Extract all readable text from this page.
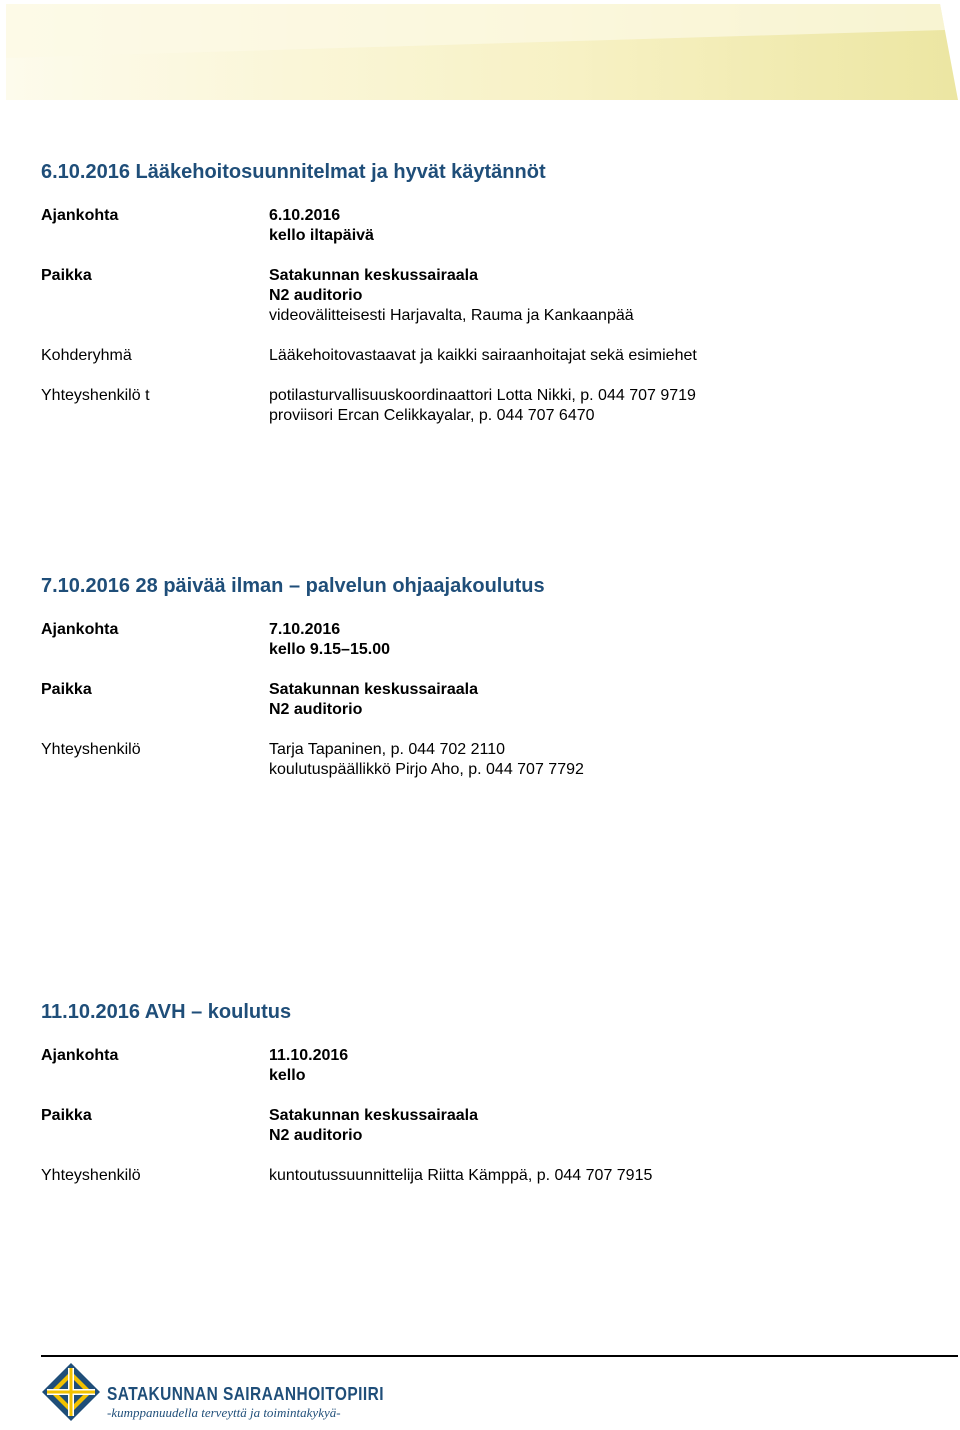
6.10.2016 Lääkehoitosuunnitelmat ja hyvät käytännöt
Ajankohta	6.10.2016
kello iltapäivä
Paikka	Satakunnan keskussairaala
N2 auditorio
videovälitteisesti Harjavalta, Rauma ja Kankaanpää
Kohderyhmä	Lääkehoitovastaavat ja kaikki sairaanhoitajat sekä esimiehet
Yhteyshenkilö t	potilasturvallisuuskoordinaattori Lotta Nikki, p. 044 707 9719
proviisori Ercan Celikkayalar, p. 044 707 6470
7.10.2016 28 päivää ilman – palvelun ohjaajakoulutus
Ajankohta	7.10.2016
kello 9.15–15.00
Paikka	Satakunnan keskussairaala
N2 auditorio
Yhteyshenkilö	Tarja Tapaninen, p. 044 702 2110
koulutuspäällikkö Pirjo Aho, p. 044 707 7792
11.10.2016 AVH – koulutus
Ajankohta	11.10.2016
kello
Paikka	Satakunnan keskussairaala
N2 auditorio
Yhteyshenkilö	kuntoutussuunnittelija Riitta Kämppä, p. 044 707 7915
SATAKUNNAN SAIRAANHOITOPIIRI
-kumppanuudella terveyttä ja toimintakykyä-
